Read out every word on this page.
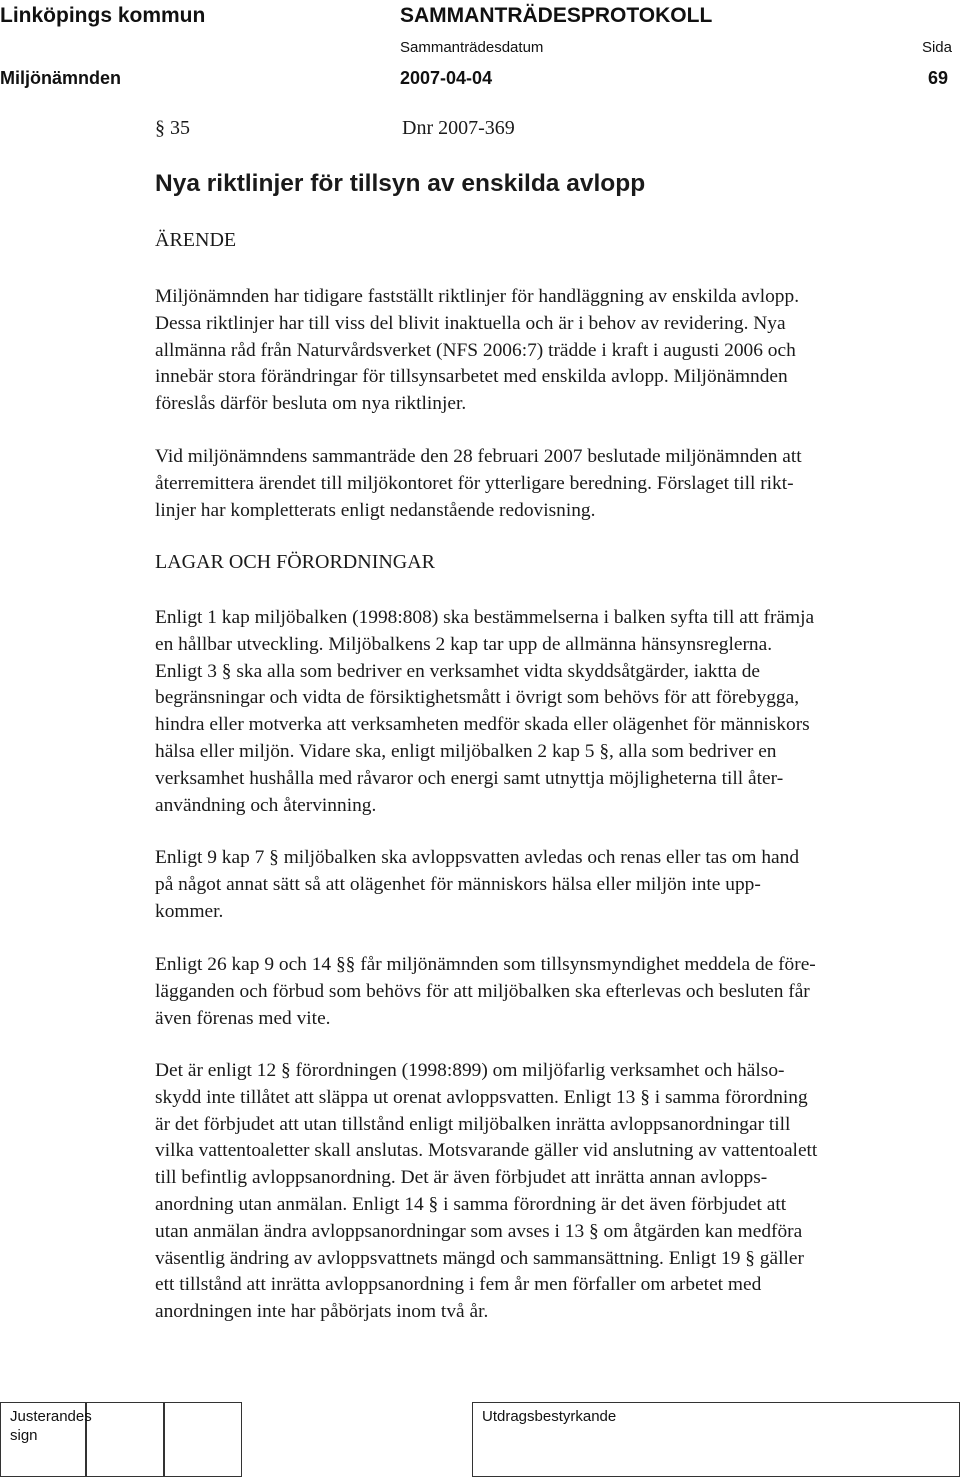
Linköpings kommun	SAMMANTRÄDESPROTOKOLL
Sammanträdesdatum	Sida
Miljönämnden	2007-04-04	69
§ 35	Dnr 2007-369
Nya riktlinjer för tillsyn av enskilda avlopp
ÄRENDE

Miljönämnden har tidigare fastställt riktlinjer för handläggning av enskilda avlopp.
Dessa riktlinjer har till viss del blivit inaktuella och är i behov av revidering. Nya
allmänna råd från Naturvårdsverket (NFS 2006:7) trädde i kraft i augusti 2006 och
innebär stora förändringar för tillsynsarbetet med enskilda avlopp. Miljönämnden
föreslås därför besluta om nya riktlinjer.

Vid miljönämndens sammanträde den 28 februari 2007 beslutade miljönämnden att
återremittera ärendet till miljökontoret för ytterligare beredning. Förslaget till rikt-
linjer har kompletterats enligt nedanstående redovisning.

LAGAR OCH FÖRORDNINGAR

Enligt 1 kap miljöbalken (1998:808) ska bestämmelserna i balken syfta till att främja
en hållbar utveckling. Miljöbalkens 2 kap tar upp de allmänna hänsynsreglerna.
Enligt 3 § ska alla som bedriver en verksamhet vidta skyddsåtgärder, iaktta de
begränsningar och vidta de försiktighetsmått i övrigt som behövs för att förebygga,
hindra eller motverka att verksamheten medför skada eller olägenhet för människors
hälsa eller miljön. Vidare ska, enligt miljöbalken 2 kap 5 §, alla som bedriver en
verksamhet hushålla med råvaror och energi samt utnyttja möjligheterna till åter-
användning och återvinning.

Enligt 9 kap 7 § miljöbalken ska avloppsvatten avledas och renas eller tas om hand
på något annat sätt så att olägenhet för människors hälsa eller miljön inte upp-
kommer.

Enligt 26 kap 9 och 14 §§ får miljönämnden som tillsynsmyndighet meddela de före-
lägganden och förbud som behövs för att miljöbalken ska efterlevas och besluten får
även förenas med vite.

Det är enligt 12 § förordningen (1998:899) om miljöfarlig verksamhet och hälso-
skydd inte tillåtet att släppa ut orenat avloppsvatten. Enligt 13 § i samma förordning
är det förbjudet att utan tillstånd enligt miljöbalken inrätta avloppsanordningar till
vilka vattentoaletter skall anslutas. Motsvarande gäller vid anslutning av vattentoalett
till befintlig avloppsanordning. Det är även förbjudet att inrätta annan avlopps-
anordning utan anmälan. Enligt 14 § i samma förordning är det även förbjudet att
utan anmälan ändra avloppsanordningar som avses i 13 § om åtgärden kan medföra
väsentlig ändring av avloppsvattnets mängd och sammansättning. Enligt 19 § gäller
ett tillstånd att inrätta avloppsanordning i fem år men förfaller om arbetet med
anordningen inte har påbörjats inom två år.

Justerandes
sign
Utdragsbestyrkande
